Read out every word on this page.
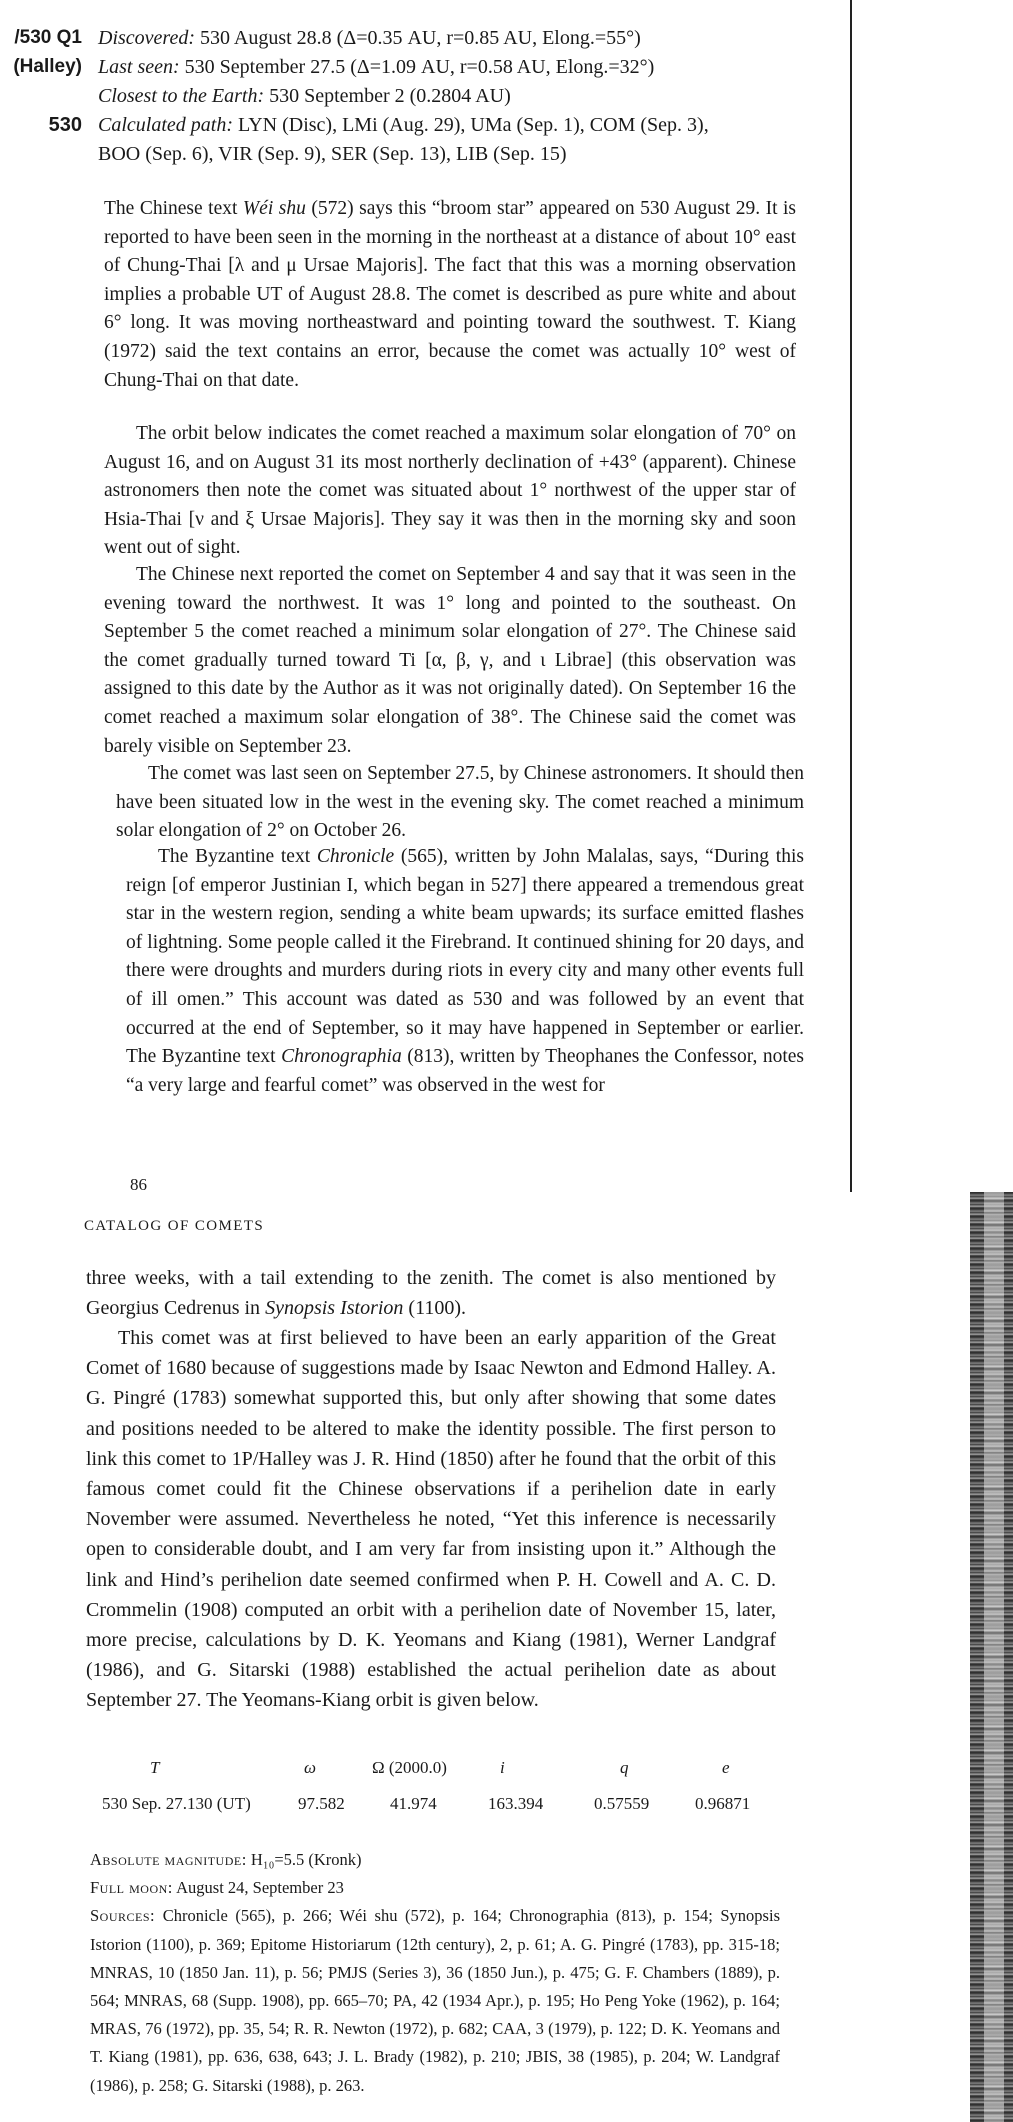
/530 Q1
(Halley)
530
Discovered: 530 August 28.8 (Δ=0.35 AU, r=0.85 AU, Elong.=55°)
Last seen: 530 September 27.5 (Δ=1.09 AU, r=0.58 AU, Elong.=32°)
Closest to the Earth: 530 September 2 (0.2804 AU)
Calculated path: LYN (Disc), LMi (Aug. 29), UMa (Sep. 1), COM (Sep. 3),
BOO (Sep. 6), VIR (Sep. 9), SER (Sep. 13), LIB (Sep. 15)

The Chinese text Wéi shu (572) says this “broom star” appeared on 530 August 29. It is reported to have been seen in the morning in the northeast at a distance of about 10° east of Chung-Thai [λ and μ Ursae Majoris]. The fact that this was a morning observation implies a probable UT of August 28.8. The comet is described as pure white and about 6° long. It was moving northeastward and pointing toward the southwest. T. Kiang (1972) said the text contains an error, because the comet was actually 10° west of Chung-Thai on that date.

The orbit below indicates the comet reached a maximum solar elongation of 70° on August 16, and on August 31 its most northerly declination of +43° (apparent). Chinese astronomers then note the comet was situated about 1° northwest of the upper star of Hsia-Thai [ν and ξ Ursae Majoris]. They say it was then in the morning sky and soon went out of sight.

The Chinese next reported the comet on September 4 and say that it was seen in the evening toward the northwest. It was 1° long and pointed to the southeast. On September 5 the comet reached a minimum solar elongation of 27°. The Chinese said the comet gradually turned toward Ti [α, β, γ, and ι Librae] (this observation was assigned to this date by the Author as it was not originally dated). On September 16 the comet reached a maximum solar elongation of 38°. The Chinese said the comet was barely visible on September 23.

The comet was last seen on September 27.5, by Chinese astronomers. It should then have been situated low in the west in the evening sky. The comet reached a minimum solar elongation of 2° on October 26.

The Byzantine text Chronicle (565), written by John Malalas, says, “During this reign [of emperor Justinian I, which began in 527] there appeared a tremendous great star in the western region, sending a white beam upwards; its surface emitted flashes of lightning. Some people called it the Firebrand. It continued shining for 20 days, and there were droughts and murders during riots in every city and many other events full of ill omen.” This account was dated as 530 and was followed by an event that occurred at the end of September, so it may have happened in September or earlier. The Byzantine text Chronographia (813), written by Theophanes the Confessor, notes “a very large and fearful comet” was observed in the west for

86
CATALOG OF COMETS

three weeks, with a tail extending to the zenith. The comet is also mentioned by Georgius Cedrenus in Synopsis Istorion (1100).

This comet was at first believed to have been an early apparition of the Great Comet of 1680 because of suggestions made by Isaac Newton and Edmond Halley. A. G. Pingré (1783) somewhat supported this, but only after showing that some dates and positions needed to be altered to make the identity possible. The first person to link this comet to 1P/Halley was J. R. Hind (1850) after he found that the orbit of this famous comet could fit the Chinese observations if a perihelion date in early November were assumed. Nevertheless he noted, “Yet this inference is necessarily open to considerable doubt, and I am very far from insisting upon it.” Although the link and Hind’s perihelion date seemed confirmed when P. H. Cowell and A. C. D. Crommelin (1908) computed an orbit with a perihelion date of November 15, later, more precise, calculations by D. K. Yeomans and Kiang (1981), Werner Landgraf (1986), and G. Sitarski (1988) established the actual perihelion date as about September 27. The Yeomans-Kiang orbit is given below.

T	ω	Ω (2000.0)	i	q	e
530 Sep. 27.130 (UT)	97.582	41.974	163.394	0.57559	0.96871

Absolute magnitude: H₁₀=5.5 (Kronk)

Full moon: August 24, September 23

Sources: Chronicle (565), p. 266; Wéi shu (572), p. 164; Chronographia (813), p. 154; Synopsis Istorion (1100), p. 369; Epitome Historiarum (12th century), 2, p. 61; A. G. Pingré (1783), pp. 315-18; MNRAS, 10 (1850 Jan. 11), p. 56; PMJS (Series 3), 36 (1850 Jun.), p. 475; G. F. Chambers (1889), p. 564; MNRAS, 68 (Supp. 1908), pp. 665–70; PA, 42 (1934 Apr.), p. 195; Ho Peng Yoke (1962), p. 164; MRAS, 76 (1972), pp. 35, 54; R. R. Newton (1972), p. 682; CAA, 3 (1979), p. 122; D. K. Yeomans and T. Kiang (1981), pp. 636, 638, 643; J. L. Brady (1982), p. 210; JBIS, 38 (1985), p. 204; W. Landgraf (1986), p. 258; G. Sitarski (1988), p. 263.
